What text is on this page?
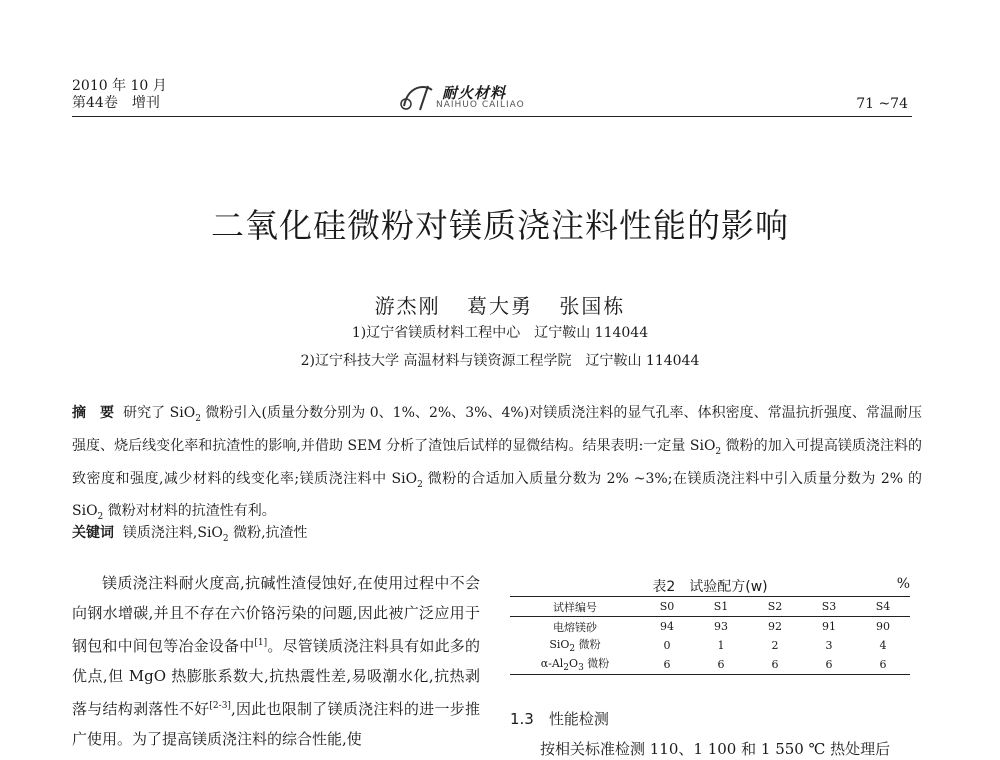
2010 年 10 月
第44卷　增刊
耐火材料
NAIHUO CAILIAO	71 ~74
二氧化硅微粉对镁质浇注料性能的影响
游杰刚 葛大勇 张国栋
1)辽宁省镁质材料工程中心　辽宁鞍山 114044
2)辽宁科技大学 高温材料与镁资源工程学院　辽宁鞍山 114044
摘　要 研究了 SiO$_2$ 微粉引入(质量分数分别为 0、1%、2%、3%、4%)对镁质浇注料的显气孔率、体积密度、常温抗折强度、常温耐压强度、烧后线变化率和抗渣性的影响,并借助 SEM 分析了渣蚀后试样的显微结构。结果表明:一定量 SiO$_2$ 微粉的加入可提高镁质浇注料的致密度和强度,减少材料的线变化率;镁质浇注料中 SiO$_2$ 微粉的合适加入质量分数为 2% ~3%;在镁质浇注料中引入质量分数为 2% 的 SiO$_2$ 微粉对材料的抗渣性有利。
关键词 镁质浇注料,SiO$_2$ 微粉,抗渣性

镁质浇注料耐火度高,抗碱性渣侵蚀好,在使用过程中不会向钢水增碳,并且不存在六价铬污染的问题,因此被广泛应用于钢包和中间包等冶金设备中[1]。尽管镁质浇注料具有如此多的优点,但 MgO 热膨胀系数大,抗热震性差,易吸潮水化,抗热剥落与结构剥落性不好[2-3],因此也限制了镁质浇注料的进一步推广使用。为了提高镁质浇注料的综合性能,使

表2　试验配方(w)	%
试样编号	S0	S1	S2	S3	S4
电熔镁砂	94	93	92	91	90
SiO$_2$ 微粉	0	1	2	3	4
$\alpha-Al_2O_3$ 微粉	6	6	6	6	6
1.3　性能检测
按相关标准检测 110、1 100 和 1 550 ℃ 热处理后
